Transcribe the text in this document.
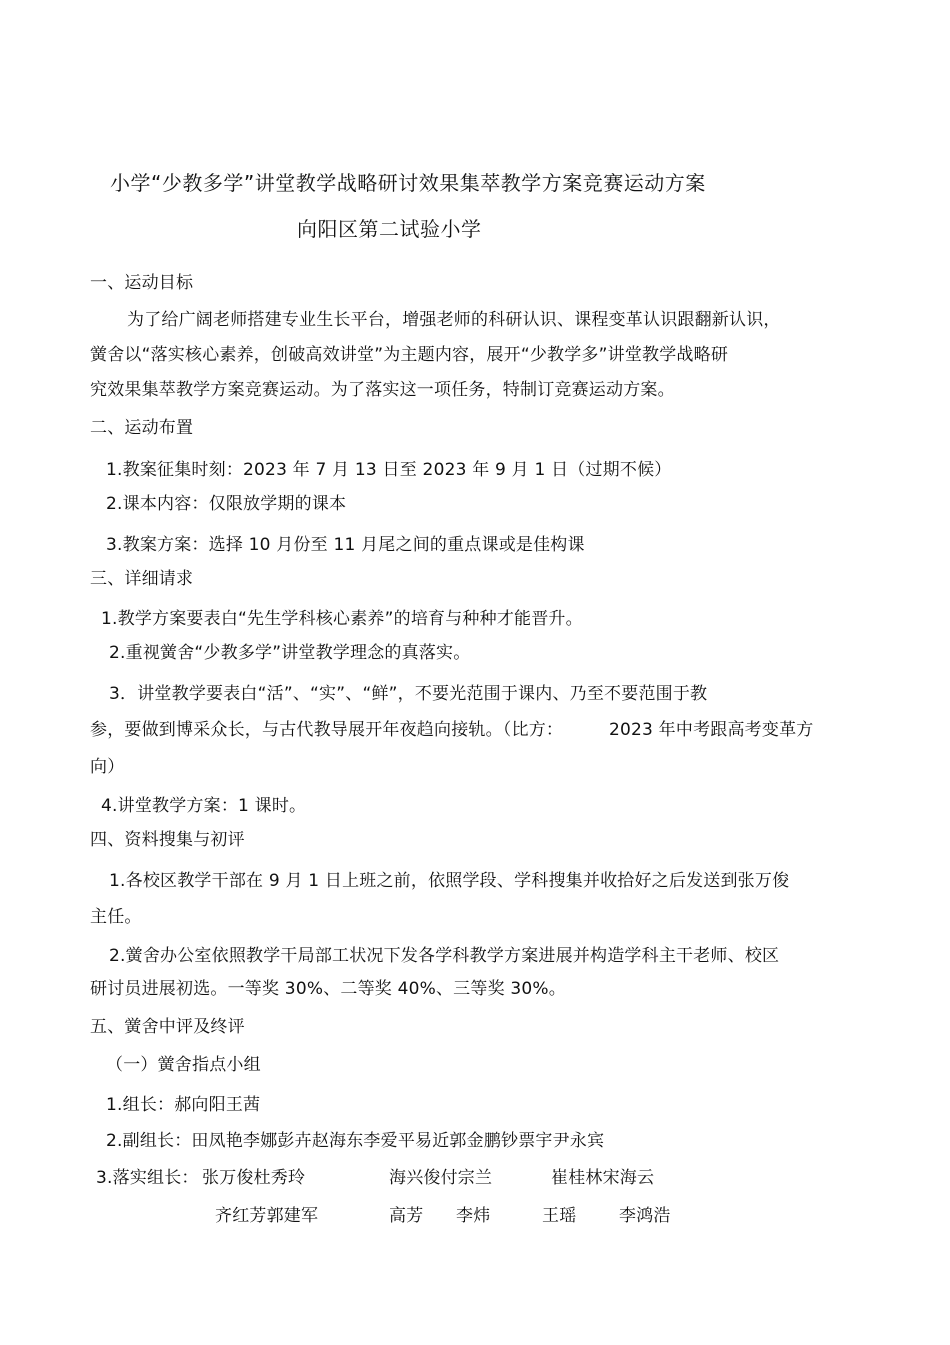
小学“少教多学”讲堂教学战略研讨效果集萃教学方案竞赛运动方案
向阳区第二试验小学
一、运动目标
为了给广阔老师搭建专业生长平台，增强老师的科研认识、课程变革认识跟翻新认识，
黉舍以“落实核心素养，创破高效讲堂”为主题内容，展开“少教学多”讲堂教学战略研
究效果集萃教学方案竞赛运动。为了落实这一项任务，特制订竞赛运动方案。
二、运动布置
1.教案征集时刻：2023 年 7 月 13 日至 2023 年 9 月 1 日（过期不候）
2.课本内容：仅限放学期的课本
3.教案方案：选择 10 月份至 11 月尾之间的重点课或是佳构课
三、详细请求
1.教学方案要表白“先生学科核心素养”的培育与种种才能晋升。
2.重视黉舍“少教多学”讲堂教学理念的真落实。
3．讲堂教学要表白“活”、“实”、“鲜”，不要光范围于课内、乃至不要范围于教
参，要做到博采众长，与古代教导展开年夜趋向接轨。（比方：	2023 年中考跟高考变革方
向）
4.讲堂教学方案：1 课时。
四、资料搜集与初评
1.各校区教学干部在 9 月 1 日上班之前，依照学段、学科搜集并收拾好之后发送到张万俊
主任。
2.黉舍办公室依照教学干局部工状况下发各学科教学方案进展并构造学科主干老师、校区
研讨员进展初选。一等奖 30%、二等奖 40%、三等奖 30%。
五、黉舍中评及终评
（一）黉舍指点小组
1.组长：郝向阳王茜
2.副组长：田凤艳李娜彭卉赵海东李爱平易近郭金鹏钞票宇尹永宾
3.落实组长： 张万俊杜秀玲	海兴俊付宗兰	崔桂林宋海云
齐红芳郭建军	高芳 李炜	王瑶	李鸿浩
